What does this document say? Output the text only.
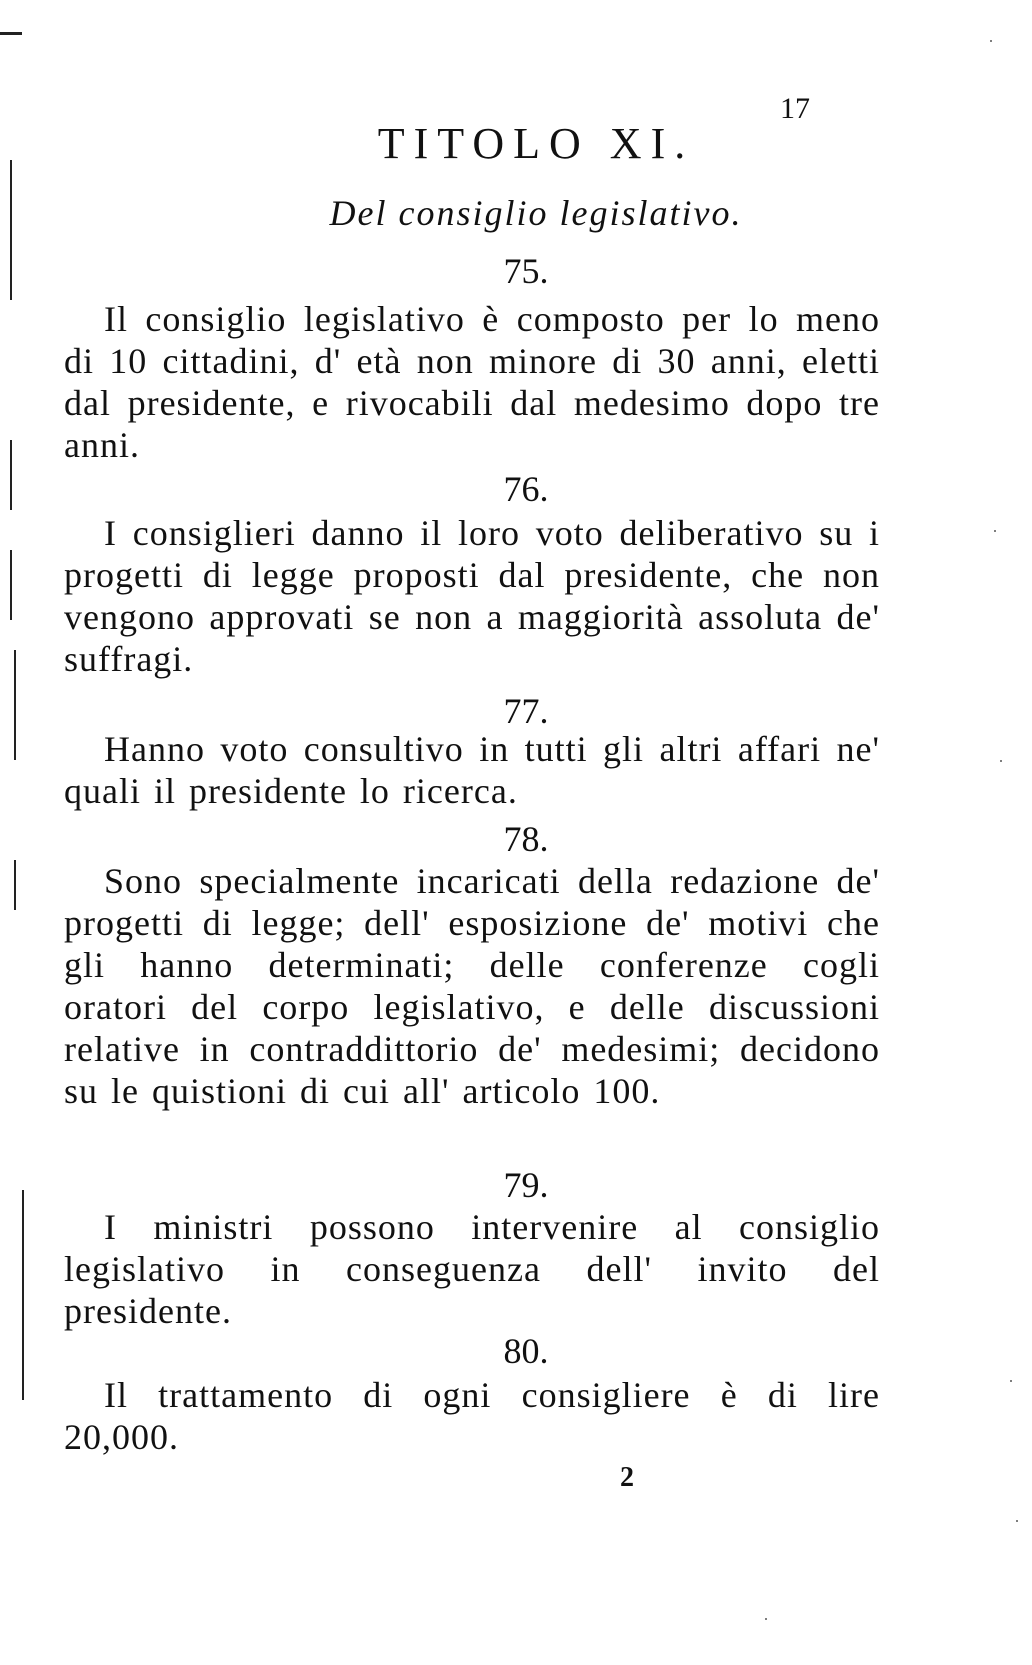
17
TITOLO XI.
Del consiglio legislativo.
75.
Il consiglio legislativo è composto per lo meno di 10 cittadini, d' età non minore di 30 anni, eletti dal presidente, e rivocabili dal medesimo dopo tre anni.
76.
I consiglieri danno il loro voto deliberativo su i progetti di legge proposti dal presidente, che non vengono approvati se non a maggiorità assoluta de' suffragi.
77.
Hanno voto consultivo in tutti gli altri affari ne' quali il presidente lo ricerca.
78.
Sono specialmente incaricati della redazione de' progetti di legge; dell' esposizione de' motivi che gli hanno determinati; delle conferenze cogli oratori del corpo legislativo, e delle discussioni relative in contraddittorio de' medesimi; decidono su le quistioni di cui all' articolo 100.
79.
I ministri possono intervenire al consiglio legislativo in conseguenza dell' invito del presidente.
80.
Il trattamento di ogni consigliere è di lire 20,000.
2
